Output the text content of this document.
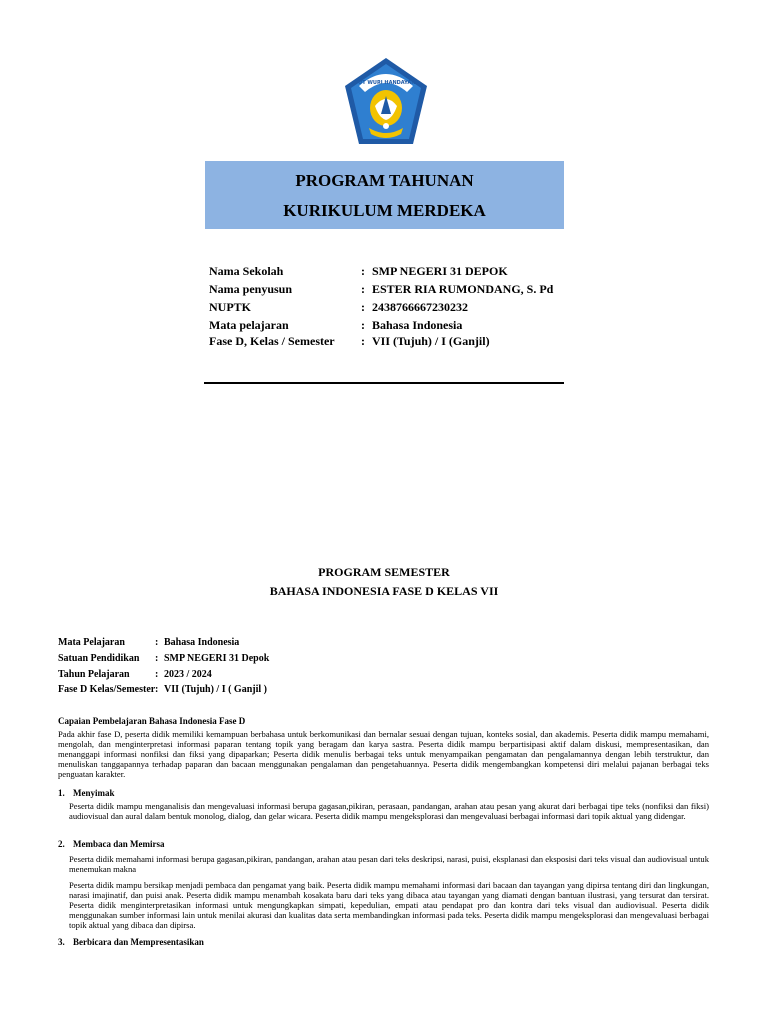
TUT WURI HANDAYANI
PROGRAM TAHUNAN
KURIKULUM MERDEKA
Nama Sekolah	: SMP NEGERI 31 DEPOK
Nama penyusun	: ESTER RIA RUMONDANG, S. Pd
NUPTK	: 2438766667230232
Mata pelajaran	: Bahasa Indonesia
Fase D, Kelas / Semester	: VII (Tujuh) / I (Ganjil)
PROGRAM SEMESTER
BAHASA INDONESIA FASE D KELAS VII
Mata Pelajaran	: Bahasa Indonesia
Satuan Pendidikan	: SMP NEGERI 31 Depok
Tahun Pelajaran	: 2023 / 2024
Fase D Kelas/Semester : VII (Tujuh) / I ( Ganjil )
Capaian Pembelajaran Bahasa Indonesia Fase D
Pada akhir fase D, peserta didik memiliki kemampuan berbahasa untuk berkomunikasi dan bernalar sesuai dengan tujuan, konteks sosial, dan akademis. Peserta didik mampu memahami, mengolah, dan menginterpretasi informasi paparan tentang topik yang beragam dan karya sastra. Peserta didik mampu berpartisipasi aktif dalam diskusi, mempresentasikan, dan menanggapi informasi nonfiksi dan fiksi yang dipaparkan; Peserta didik menulis berbagai teks untuk menyampaikan pengamatan dan pengalamannya dengan lebih terstruktur, dan menuliskan tanggapannya terhadap paparan dan bacaan menggunakan pengalaman dan pengetahuannya. Peserta didik mengembangkan kompetensi diri melalui pajanan berbagai teks penguatan karakter.
1. Menyimak
Peserta didik mampu menganalisis dan mengevaluasi informasi berupa gagasan,pikiran, perasaan, pandangan, arahan atau pesan yang akurat dari berbagai tipe teks (nonfiksi dan fiksi) audiovisual dan aural dalam bentuk monolog, dialog, dan gelar wicara. Peserta didik mampu mengeksplorasi dan mengevaluasi berbagai informasi dari topik aktual yang didengar.
2. Membaca dan Memirsa
Peserta didik memahami informasi berupa gagasan,pikiran, pandangan, arahan atau pesan dari teks deskripsi, narasi, puisi, eksplanasi dan eksposisi dari teks visual dan audiovisual untuk menemukan makna
Peserta didik mampu bersikap menjadi pembaca dan pengamat yang baik. Peserta didik mampu memahami informasi dari bacaan dan tayangan yang dipirsa tentang diri dan lingkungan, narasi imajinatif, dan puisi anak. Peserta didik mampu menambah kosakata baru dari teks yang dibaca atau tayangan yang diamati dengan bantuan ilustrasi, yang tersurat dan tersirat. Peserta didik menginterpretasikan informasi untuk mengungkapkan simpati, kepedulian, empati atau pendapat pro dan kontra dari teks visual dan audiovisual. Peserta didik menggunakan sumber informasi lain untuk menilai akurasi dan kualitas data serta membandingkan informasi pada teks. Peserta didik mampu mengeksplorasi dan mengevaluasi berbagai topik aktual yang dibaca dan dipirsa.
3. Berbicara dan Mempresentasikan
